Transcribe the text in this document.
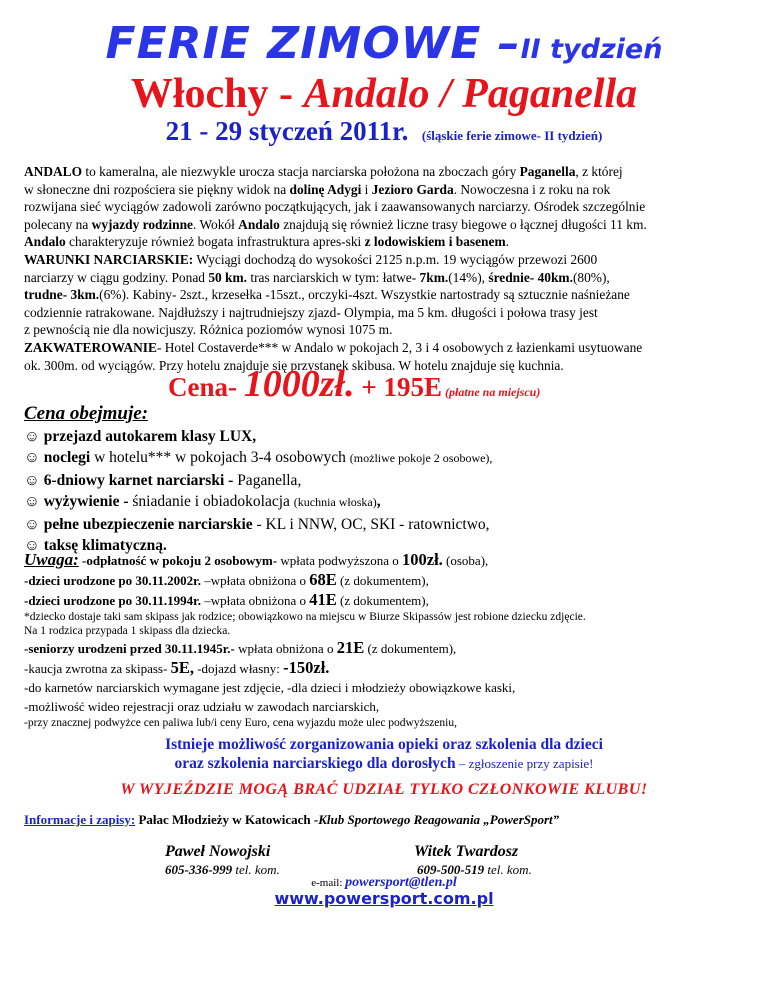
FERIE ZIMOWE –II tydzień
Włochy - Andalo / Paganella
21 - 29 styczeń 2011r. (śląskie ferie zimowe- II tydzień)
ANDALO to kameralna, ale niezwykle urocza stacja narciarska położona na zboczach góry Paganella, z której
w słoneczne dni rozpościera sie piękny widok na dolinę Adygi i Jezioro Garda. Nowoczesna i z roku na rok
rozwijana sieć wyciągów zadowoli zarówno początkujących, jak i zaawansowanych narciarzy. Ośrodek szczególnie
polecany na wyjazdy rodzinne. Wokół Andalo znajdują się również liczne trasy biegowe o łącznej długości 11 km.
Andalo charakteryzuje również bogata infrastruktura apres-ski z lodowiskiem i basenem.
WARUNKI NARCIARSKIE: Wyciągi dochodzą do wysokości 2125 n.p.m. 19 wyciągów przewozi 2600
narciarzy w ciągu godziny. Ponad 50 km. tras narciarskich w tym: łatwe- 7km.(14%), średnie- 40km.(80%),
trudne- 3km.(6%). Kabiny- 2szt., krzesełka -15szt., orczyki-4szt. Wszystkie nartostrady są sztucznie naśnieżane
codziennie ratrakowane. Najdłuższy i najtrudniejszy zjazd- Olympia, ma 5 km. długości i połowa trasy jest
z pewnością nie dla nowicjuszy. Różnica poziomów wynosi 1075 m.
ZAKWATEROWANIE- Hotel Costaverde*** w Andalo w pokojach 2, 3 i 4 osobowych z łazienkami usytuowane
ok. 300m. od wyciągów. Przy hotelu znajduje się przystanek skibusa. W hotelu znajduje się kuchnia.
Cena- 1000zł. + 195E (płatne na miejscu)
Cena obejmuje:
☺ przejazd autokarem klasy LUX,
☺ noclegi w hotelu*** w pokojach 3-4 osobowych (możliwe pokoje 2 osobowe),
☺ 6-dniowy karnet narciarski - Paganella,
☺ wyżywienie - śniadanie i obiadokolacja (kuchnia włoska),
☺ pełne ubezpieczenie narciarskie - KL i NNW, OC, SKI - ratownictwo,
☺ taksę klimatyczną.
Uwaga: -odpłatność w pokoju 2 osobowym- wpłata podwyższona o 100zł. (osoba),
-dzieci urodzone po 30.11.2002r. –wpłata obniżona o 68E (z dokumentem),
-dzieci urodzone po 30.11.1994r. –wpłata obniżona o 41E (z dokumentem),
*dziecko dostaje taki sam skipass jak rodzice; obowiązkowo na miejscu w Biurze Skipassów jest robione dziecku zdjęcie.
Na 1 rodzica przypada 1 skipass dla dziecka.
-seniorzy urodzeni przed 30.11.1945r.- wpłata obniżona o 21E (z dokumentem),
-kaucja zwrotna za skipass- 5E, -dojazd własny: -150zł.
-do karnetów narciarskich wymagane jest zdjęcie, -dla dzieci i młodzieży obowiązkowe kaski,
-możliwość wideo rejestracji oraz udziału w zawodach narciarskich,
-przy znacznej podwyżce cen paliwa lub/i ceny Euro, cena wyjazdu może ulec podwyższeniu,
Istnieje możliwość zorganizowania opieki oraz szkolenia dla dzieci
oraz szkolenia narciarskiego dla dorosłych – zgłoszenie przy zapisie!
W WYJEŹDZIE MOGĄ BRAĆ UDZIAŁ TYLKO CZŁONKOWIE KLUBU!
Informacje i zapisy: Pałac Młodzieży w Katowicach -Klub Sportowego Reagowania „PowerSport”
Paweł Nowojski	Witek Twardosz
605-336-999 tel. kom.	609-500-519 tel. kom.
e-mail: powersport@tlen.pl
www.powersport.com.pl
